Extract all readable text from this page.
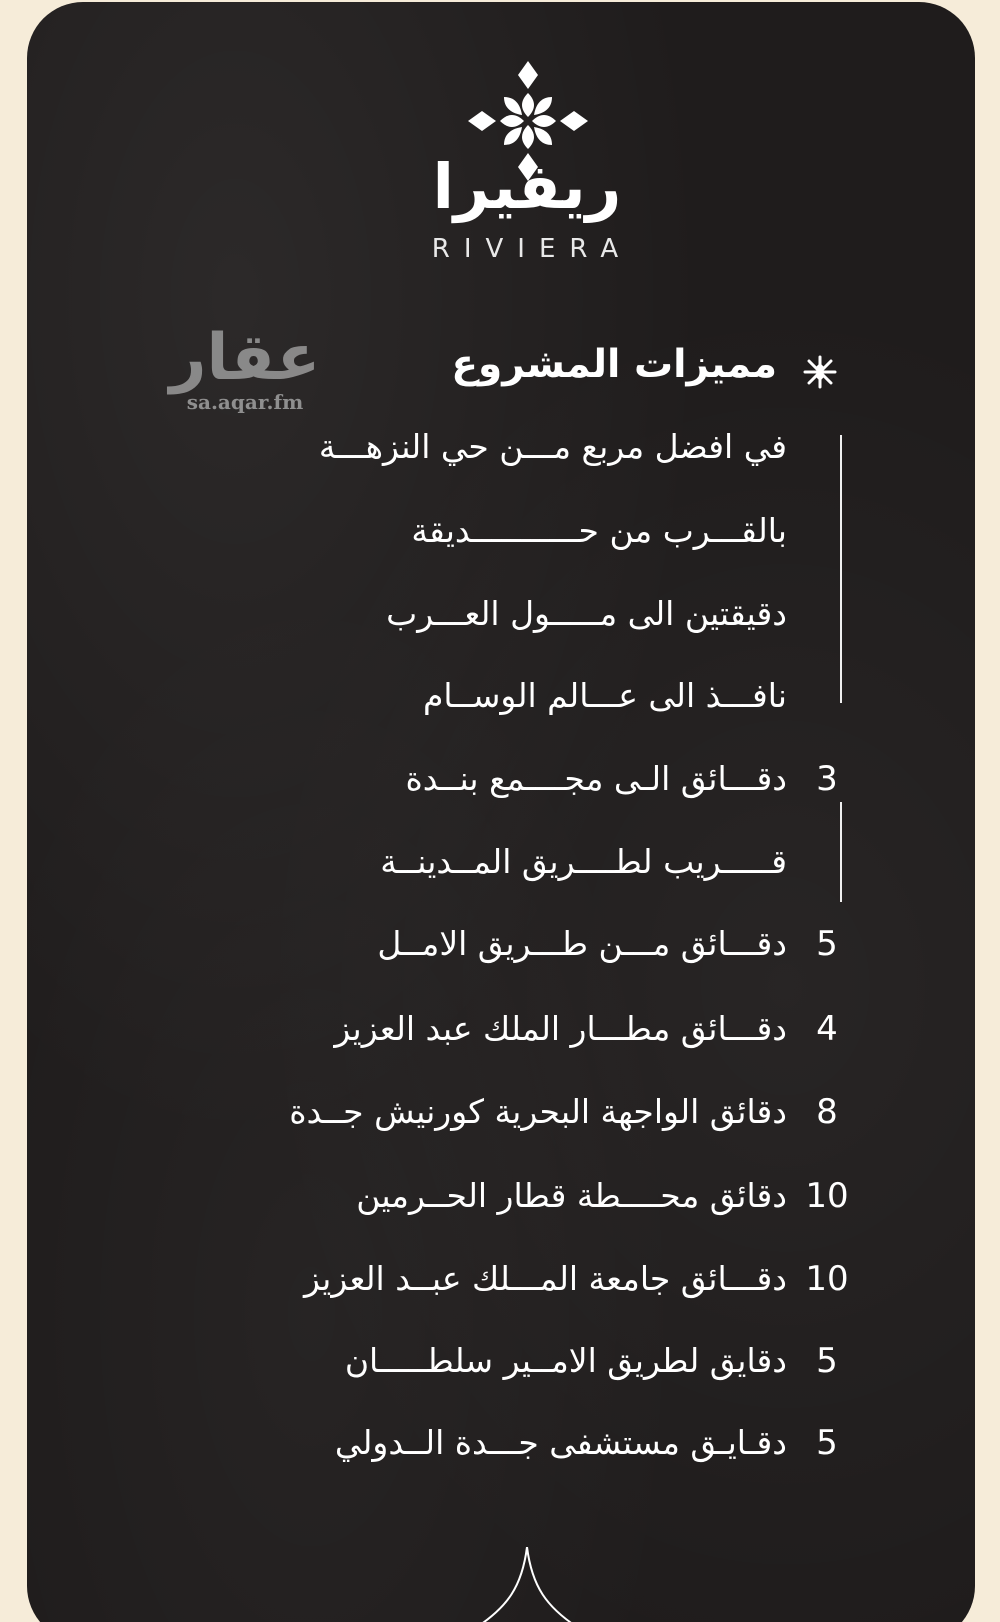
ريفيرا
RIVIERA
عقار
sa.aqar.fm
مميزات المشروع
في افضل مربع مـــن حي النزهـــة
بالقـــرب من حـــــــــــديقة
دقيقتين الى مـــــول العـــرب
نافـــذ الى عـــالم الوســام
دقـــائق الـى مجــــمع بنــدة 3
قـــــريب لطــــريق المــدينــة
دقـــائق مـــن طـــريق الامــل 5
دقـــائق مطـــار الملك عبد العزيز 4
دقائق الواجهة البحرية كورنيش جــدة 8
دقائق محــــطة قطار الحــرمين 10
دقـــائق جامعة المـــلك عبــد العزيز 10
دقايق لطريق الامــير سلطـــــان 5
دقـايـق مستشفى جـــدة الــدولي 5
